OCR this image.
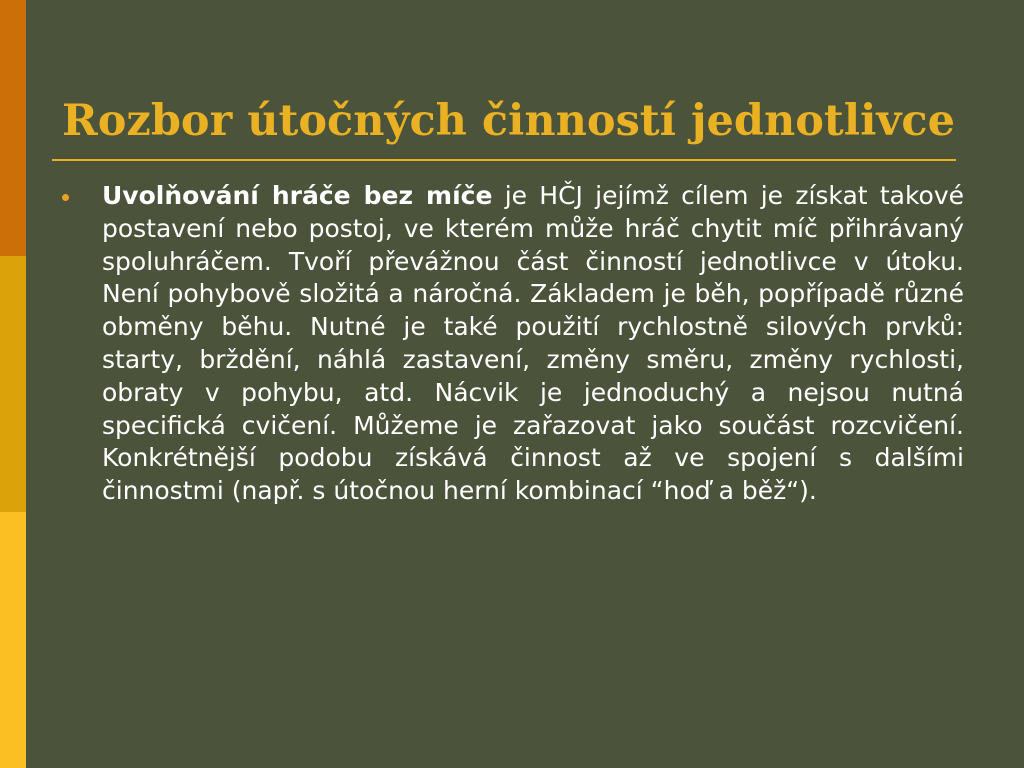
Rozbor útočných činností jednotlivce

Uvolňování hráče bez míče je HČJ jejímž cílem je získat takové postavení nebo postoj, ve kterém může hráč chytit míč přihrávaný spoluhráčem. Tvoří převážnou část činností jednotlivce v útoku. Není pohybově složitá a náročná. Základem je běh, popřípadě různé obměny běhu. Nutné je také použití rychlostně silových prvků: starty, brždění, náhlá zastavení, změny směru, změny rychlosti, obraty v pohybu, atd. Nácvik je jednoduchý a nejsou nutná specifická cvičení. Můžeme je zařazovat jako součást rozcvičení. Konkrétnější podobu získává činnost až ve spojení s dalšími činnostmi (např. s útočnou herní kombinací “hoď a běž“).
